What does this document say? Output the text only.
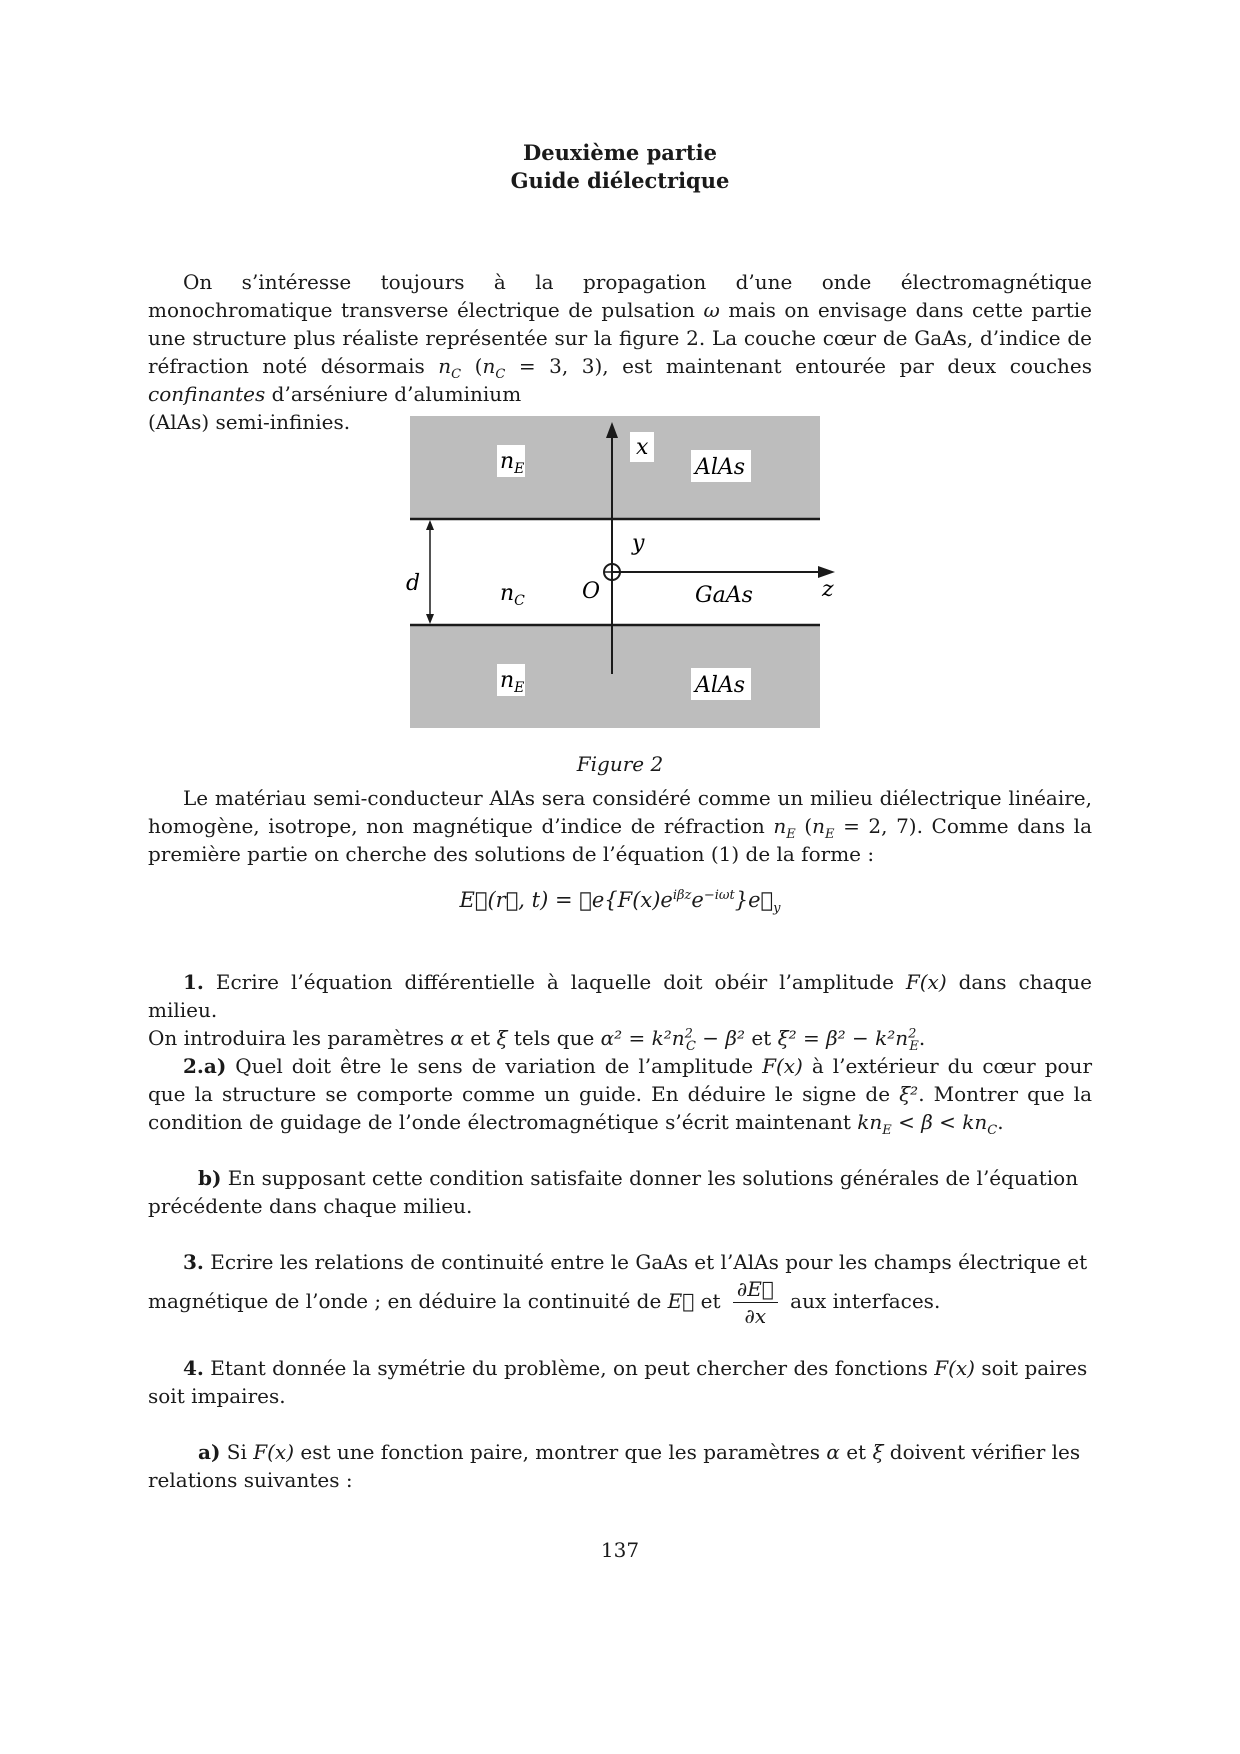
Deuxième partie
Guide diélectrique
On s’intéresse toujours à la propagation d’une onde électromagnétique monochromatique transverse électrique de pulsation ω mais on envisage dans cette partie une structure plus réaliste représentée sur la figure 2. La couche cœur de GaAs, d’indice de réfraction noté désormais $n_C$ ($n_C = 3$, 3), est maintenant entourée par deux couches confinantes d’arséniure d’aluminium
(AlAs) semi-infinies.
$n_E$
x
AlAs
y
d	$n_C$	O	GaAs	z
$n_E$	AlAs
Figure 2
Le matériau semi-conducteur AlAs sera considéré comme un milieu diélectrique linéaire, homogène, isotrope, non magnétique d’indice de réfraction $n_E$ ($n_E = 2$, 7). Comme dans la première partie on cherche des solutions de l’équation (1) de la forme :
E⃗(r⃗, $t) = ℛe\{F(x)e^{i\beta z}e^{-i\omega t}\}e⃗_y$
1. Ecrire l’équation différentielle à laquelle doit obéir l’amplitude F(x) dans chaque milieu.
On introduira les paramètres α et ξ tels que $\alpha^2 = k^2n^2_C - \beta^2$ et $\xi^2 = \beta^2 - k^2n^2_E$.
2.a) Quel doit être le sens de variation de l’amplitude F(x) à l’extérieur du cœur pour que la structure se comporte comme un guide. En déduire le signe de ξ². Montrer que la condition de guidage de l’onde électromagnétique s’écrit maintenant $kn_E < \beta < kn_C$.
b) En supposant cette condition satisfaite donner les solutions générales de l’équation
précédente dans chaque milieu.
3. Ecrire les relations de continuité entre le GaAs et l’AlAs pour les champs électrique et
magnétique de l’onde ; en déduire la continuité de E⃗ et $\frac{\partial E⃗}{\partial x}$ aux interfaces.
4. Etant donnée la symétrie du problème, on peut chercher des fonctions F(x) soit paires
soit impaires.
a) Si F(x) est une fonction paire, montrer que les paramètres α et ξ doivent vérifier les
relations suivantes :
137
